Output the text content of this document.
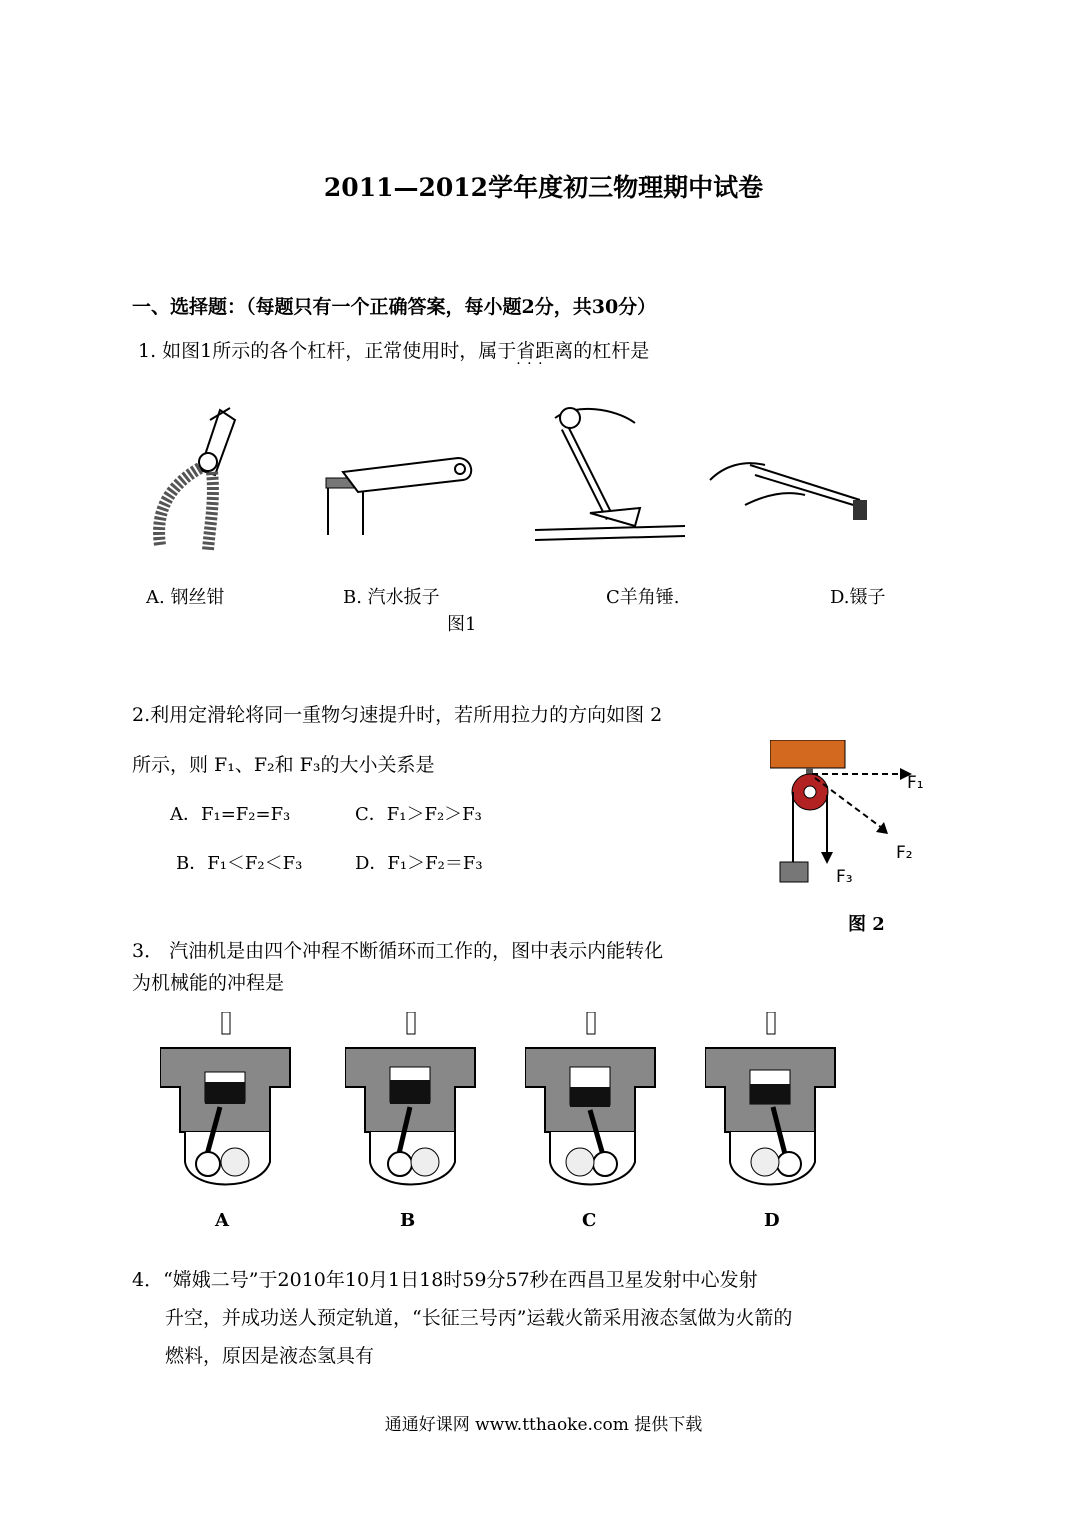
2011—2012学年度初三物理期中试卷
一、选择题：（每题只有一个正确答案，每小题2分，共30分）
1. 如图1所示的各个杠杆，正常使用时，属于省距离 · · ·的杠杆是
A. 钢丝钳	B. 汽水扳子	C羊角锤.	D.镊子
图1
2.利用定滑轮将同一重物匀速提升时，若所用拉力的方向如图 2
所示，则 F₁、F₂和 F₃的大小关系是
A．F₁=F₂=F₃	C．F₁＞F₂＞F₃
B．F₁＜F₂＜F₃	D．F₁＞F₂＝F₃
F₁
F₂
F₃
图 2
3． 汽油机是由四个冲程不断循环而工作的，图中表示内能转化
为机械能的冲程是
A	B	C	D
4．“嫦娥二号”于2010年10月1日18时59分57秒在西昌卫星发射中心发射
升空，并成功送人预定轨道，“长征三号丙”运载火箭采用液态氢做为火箭的
燃料，原因是液态氢具有
通通好课网 www.tthaoke.com 提供下载
